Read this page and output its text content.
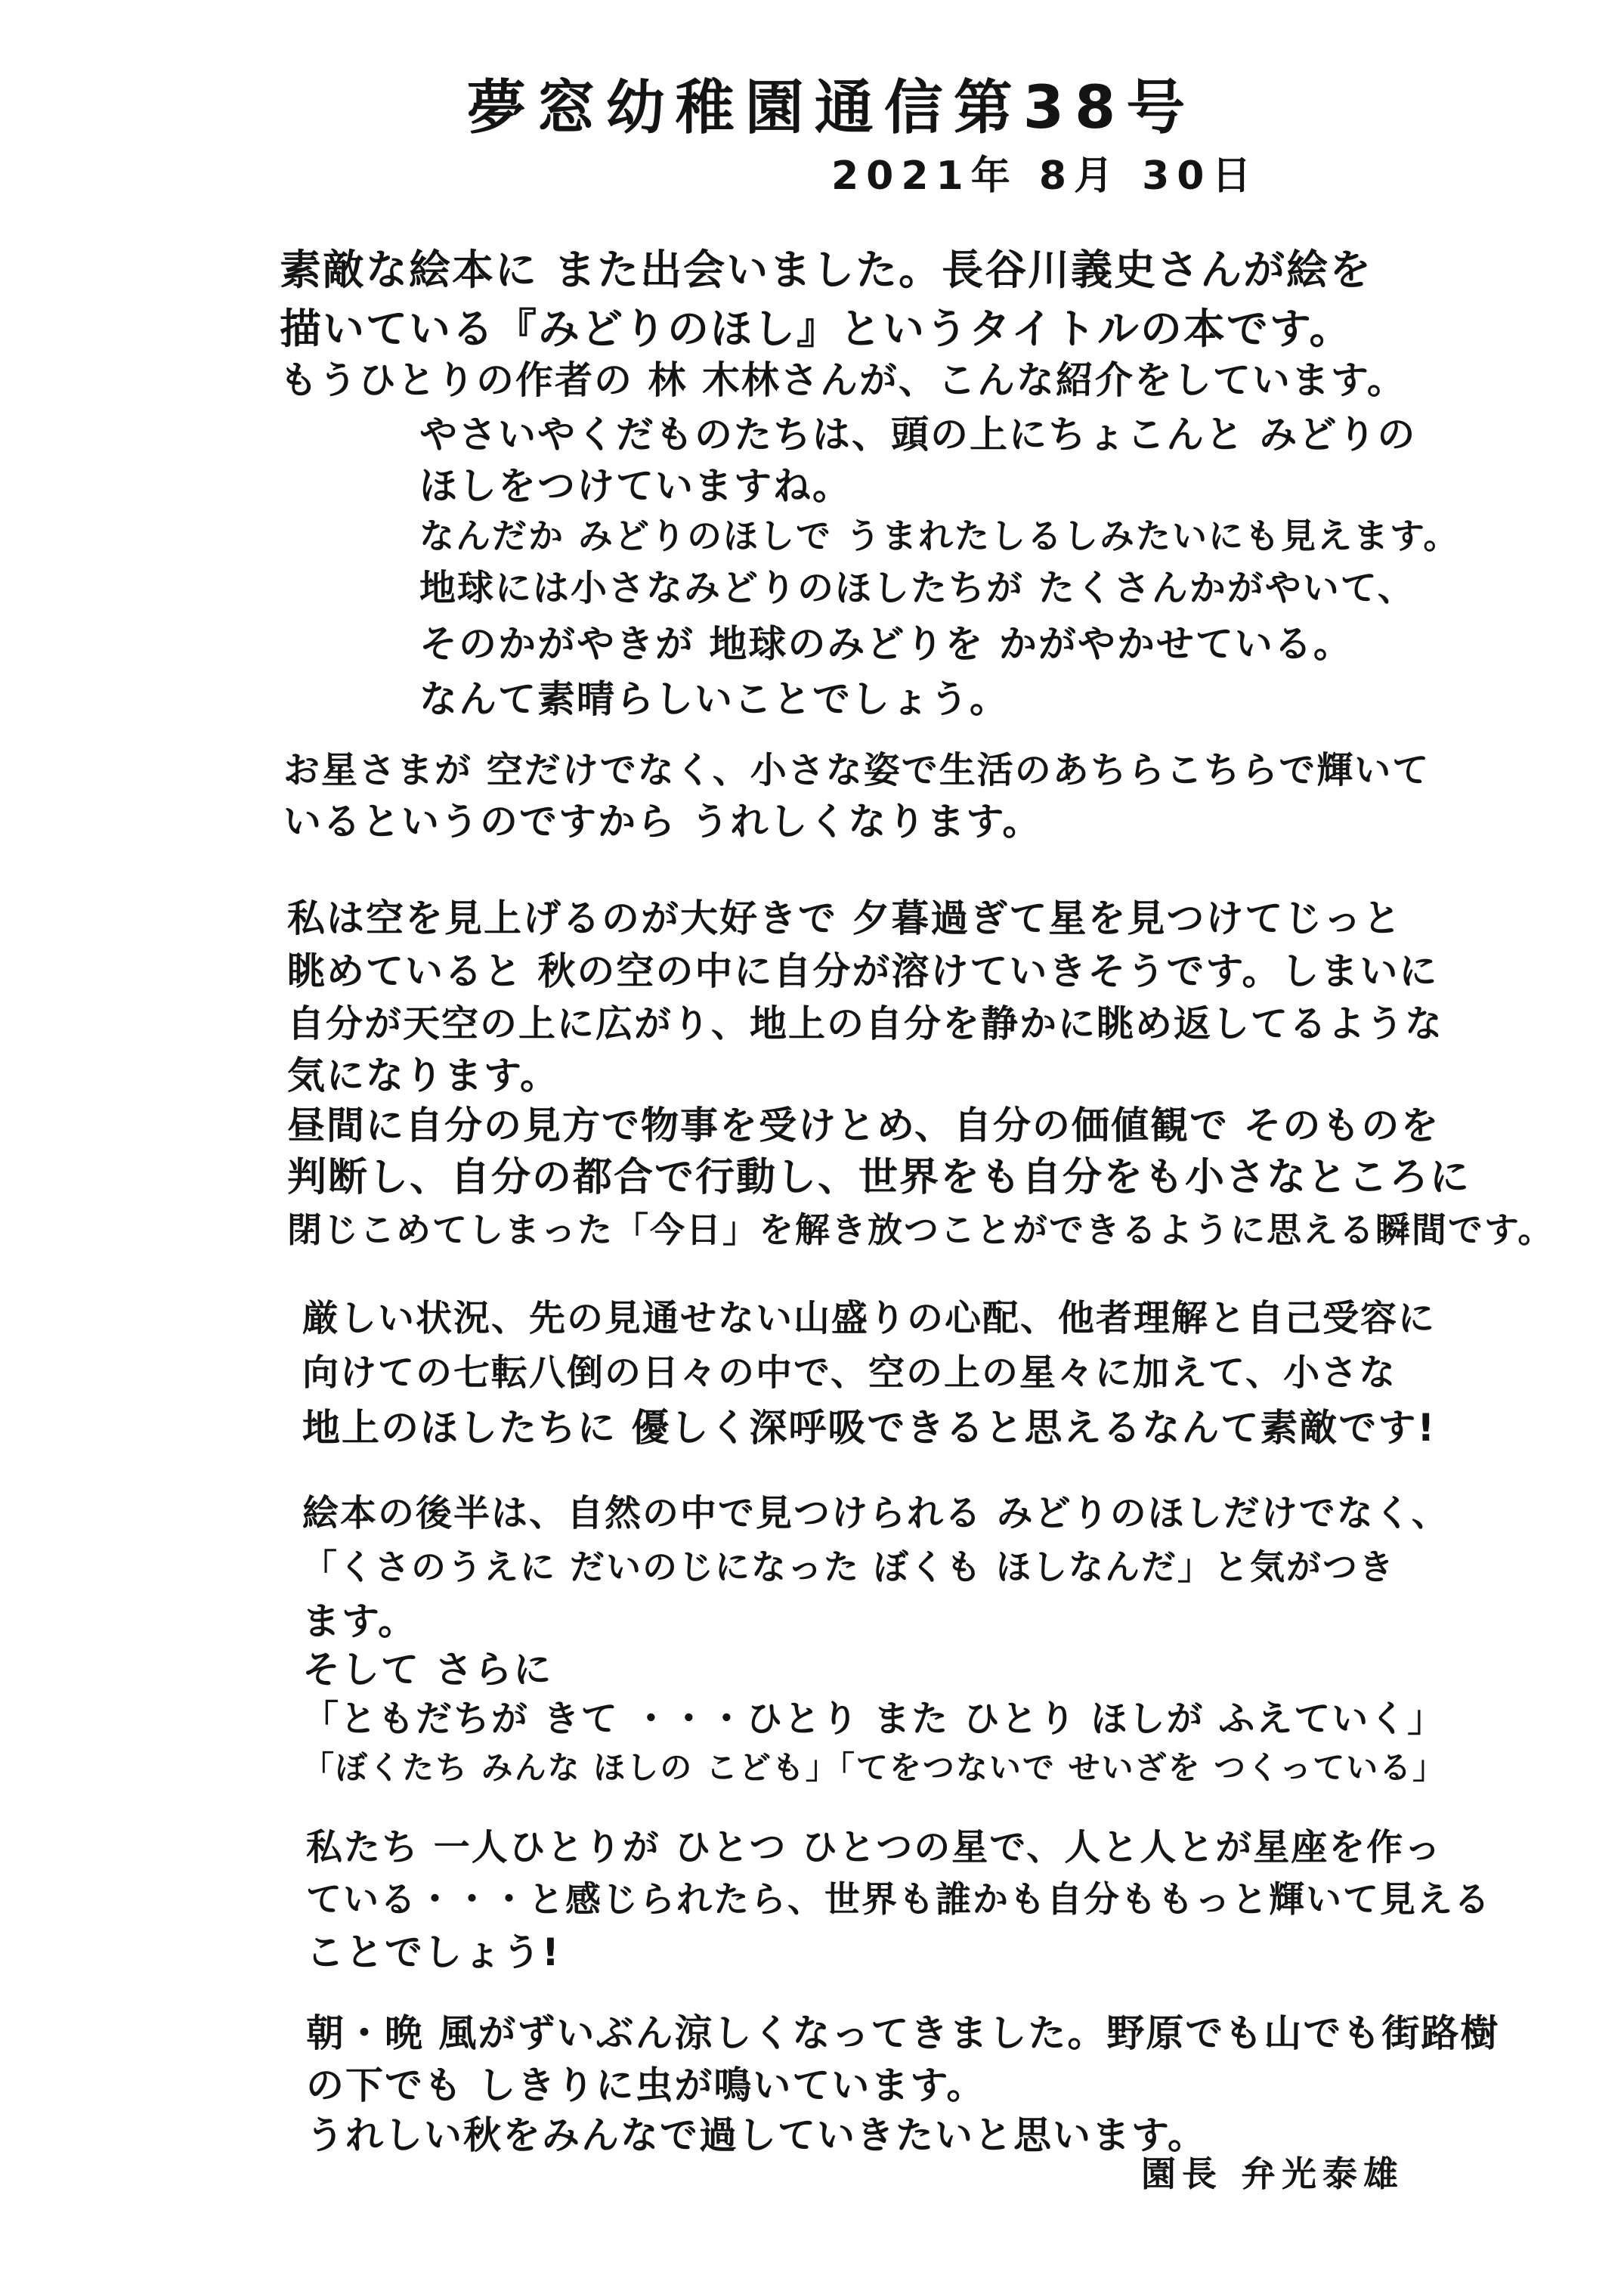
夢窓幼稚園通信第38号
2021年 8月 30日
素敵な絵本に また出会いました。長谷川義史さんが絵を
描いている『みどりのほし』というタイトルの本です。
もうひとりの作者の 林 木林さんが、こんな紹介をしています。
やさいやくだものたちは、頭の上にちょこんと みどりの
ほしをつけていますね。
なんだか みどりのほしで うまれたしるしみたいにも見えます。
地球には小さなみどりのほしたちが たくさんかがやいて、
そのかがやきが 地球のみどりを かがやかせている。
なんて素晴らしいことでしょう。
お星さまが 空だけでなく、小さな姿で生活のあちらこちらで輝いて
いるというのですから うれしくなります。
私は空を見上げるのが大好きで 夕暮過ぎて星を見つけてじっと
眺めていると 秋の空の中に自分が溶けていきそうです。しまいに
自分が天空の上に広がり、地上の自分を静かに眺め返してるような
気になります。
昼間に自分の見方で物事を受けとめ、自分の価値観で そのものを
判断し、自分の都合で行動し、世界をも自分をも小さなところに
閉じこめてしまった「今日」を解き放つことができるように思える瞬間です。
厳しい状況、先の見通せない山盛りの心配、他者理解と自己受容に
向けての七転八倒の日々の中で、空の上の星々に加えて、小さな
地上のほしたちに 優しく深呼吸できると思えるなんて素敵です!
絵本の後半は、自然の中で見つけられる みどりのほしだけでなく、
「くさのうえに だいのじになった ぼくも ほしなんだ」と気がつき
ます。
そして さらに
「ともだちが きて ・・・ひとり また ひとり ほしが ふえていく」
「ぼくたち みんな ほしの こども」「てをつないで せいざを つくっている」
私たち 一人ひとりが ひとつ ひとつの星で、人と人とが星座を作っ
ている・・・と感じられたら、世界も誰かも自分ももっと輝いて見える
ことでしょう!
朝・晩 風がずいぶん涼しくなってきました。野原でも山でも街路樹
の下でも しきりに虫が鳴いています。
うれしい秋をみんなで過していきたいと思います。
園長 弁光泰雄
